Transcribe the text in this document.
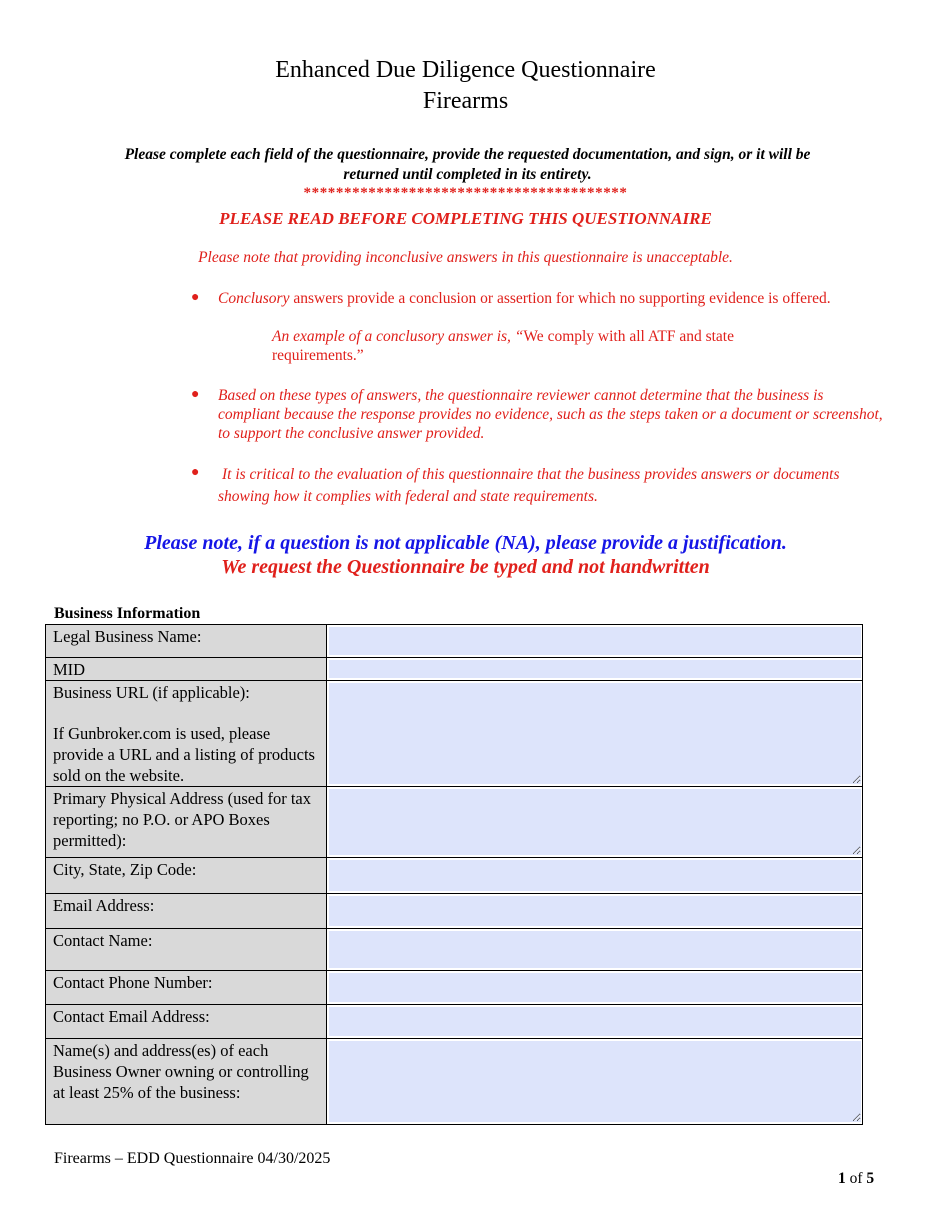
Enhanced Due Diligence Questionnaire
Firearms
Please complete each field of the questionnaire, provide the requested documentation, and sign, or it will be
returned until completed in its entirety.
****************************************
PLEASE READ BEFORE COMPLETING THIS QUESTIONNAIRE
Please note that providing inconclusive answers in this questionnaire is unacceptable.
● Conclusory answers provide a conclusion or assertion for which no supporting evidence is offered.
An example of a conclusory answer is, “We comply with all ATF and state requirements.”
● Based on these types of answers, the questionnaire reviewer cannot determine that the business is compliant because the response provides no evidence, such as the steps taken or a document or screenshot, to support the conclusive answer provided.
● It is critical to the evaluation of this questionnaire that the business provides answers or documents showing how it complies with federal and state requirements.
Please note, if a question is not applicable (NA), please provide a justification.
We request the Questionnaire be typed and not handwritten
Business Information
Legal Business Name:	

MID	

Business URL (if applicable):
If Gunbroker.com is used, please provide a URL and a listing of products sold on the website.

Primary Physical Address (used for tax reporting; no P.O. or APO Boxes permitted):	

City, State, Zip Code:	

Email Address:	

Contact Name:	

Contact Phone Number:	

Contact Email Address:	

Name(s) and address(es) of each Business Owner owning or controlling at least 25% of the business:	
Firearms – EDD Questionnaire 04/30/2025
1 of 5
